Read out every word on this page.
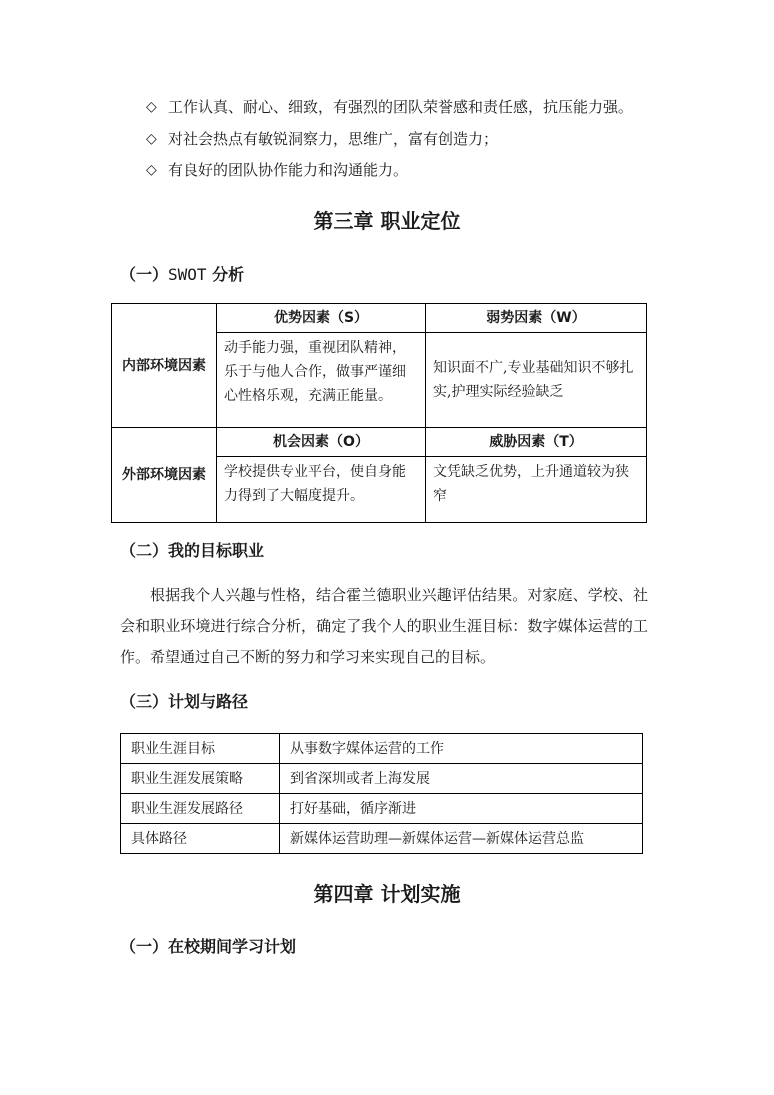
◇ 工作认真、耐心、细致，有强烈的团队荣誉感和责任感，抗压能力强。
◇ 对社会热点有敏锐洞察力，思维广，富有创造力；
◇ 有良好的团队协作能力和沟通能力。
第三章 职业定位
（一）SWOT 分析
内部环境因素	优势因素（S）	弱势因素（W）
	动手能力强，重视团队精神，乐于与他人合作，做事严谨细心性格乐观，充满正能量。	知识面不广,专业基础知识不够扎实,护理实际经验缺乏
外部环境因素	机会因素（O）	威胁因素（T）
	学校提供专业平台，使自身能力得到了大幅度提升。	文凭缺乏优势，上升通道较为狭窄
（二）我的目标职业
根据我个人兴趣与性格，结合霍兰德职业兴趣评估结果。对家庭、学校、社会和职业环境进行综合分析，确定了我个人的职业生涯目标：数字媒体运营的工作。希望通过自己不断的努力和学习来实现自己的目标。
（三）计划与路径
职业生涯目标	从事数字媒体运营的工作
职业生涯发展策略	到省深圳或者上海发展
职业生涯发展路径	打好基础，循序渐进
具体路径	新媒体运营助理—新媒体运营—新媒体运营总监
第四章 计划实施
（一）在校期间学习计划
